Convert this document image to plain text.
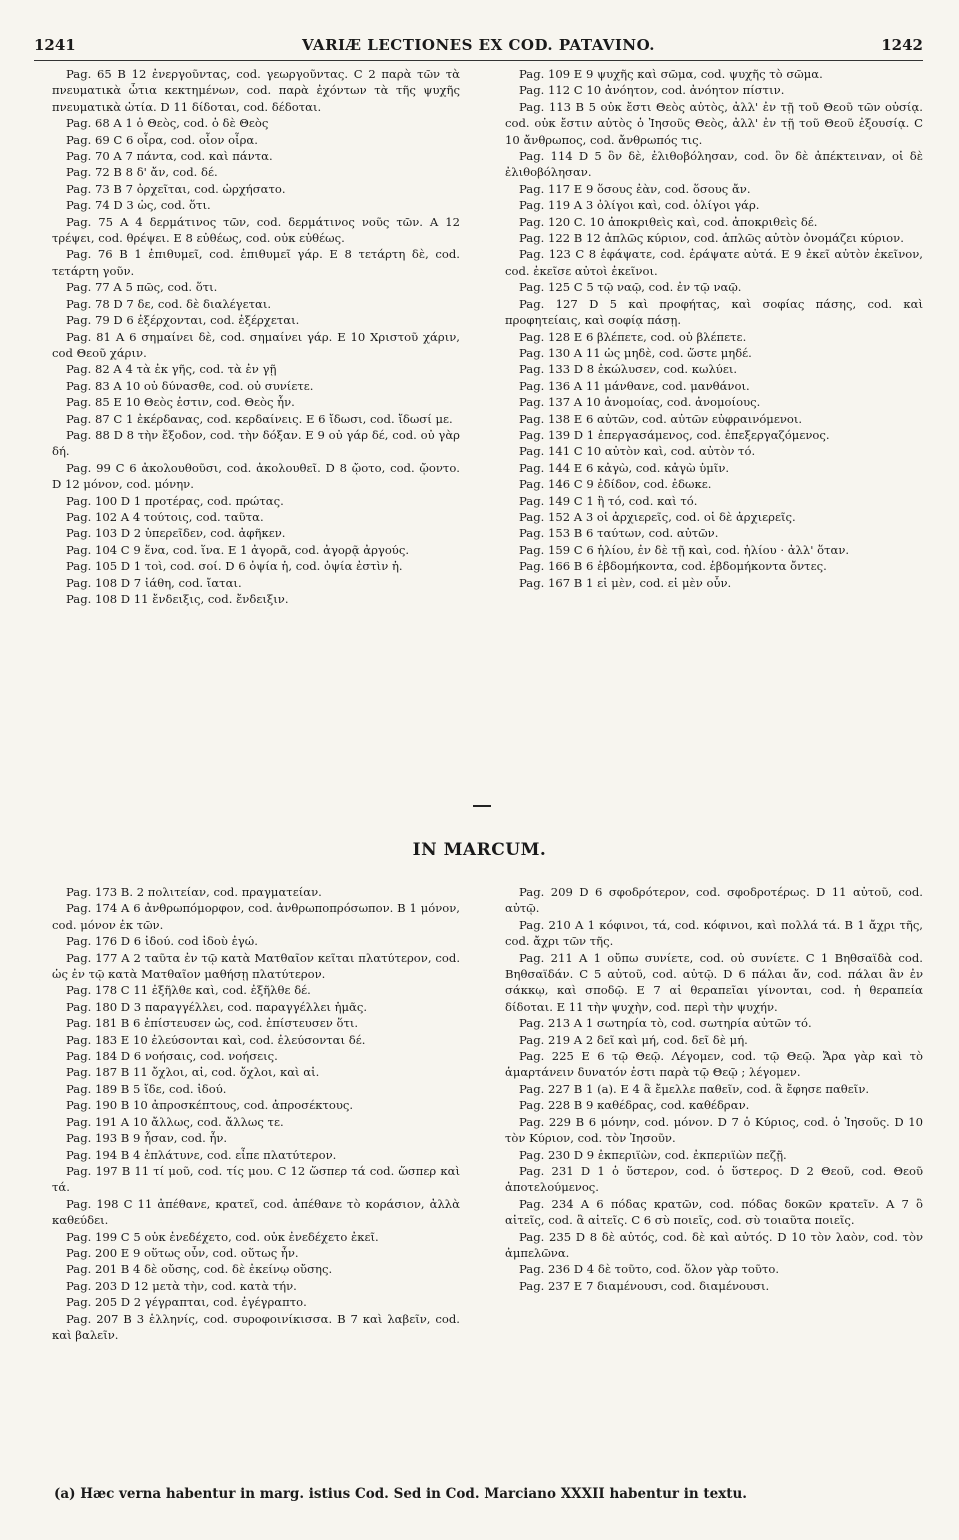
1241	VARIÆ LECTIONES EX COD. PATAVINO.	1242

Pag. 65 B 12 ἐνεργοῦντας, cod. γεωργοῦντας. C 2 παρὰ τῶν τὰ πνευματικὰ ὦτια κεκτημένων, cod. παρὰ ἐχόντων τὰ τῆς ψυχῆς πνευματικὰ ὠτία. D 11 δίδοται, cod. δέδοται.

Pag. 68 A 1 ὁ Θεὸς, cod. ὁ δὲ Θεὸς

Pag. 69 C 6 οἶρα, cod. οἶον οἶρα.

Pag. 70 A 7 πάντα, cod. καὶ πάντα.

Pag. 72 B 8 δ' ἄν, cod. δέ.

Pag. 73 B 7 ὀρχεῖται, cod. ὠρχήσατο.

Pag. 74 D 3 ὡς, cod. ὅτι.

Pag. 75 A 4 δερμάτινος τῶν, cod. δερμάτινος νοῦς τῶν. A 12 τρέψει, cod. θρέψει. E 8 εὐθέως, cod. οὐκ εὐθέως.

Pag. 76 B 1 ἐπιθυμεῖ, cod. ἐπιθυμεῖ γάρ. E 8 τετάρτη δὲ, cod. τετάρτη γοῦν.

Pag. 77 A 5 πῶς, cod. ὅτι.

Pag. 78 D 7 δε, cod. δὲ διαλέγεται.

Pag. 79 D 6 ἐξέρχονται, cod. ἐξέρχεται.

Pag. 81 A 6 σημαίνει δὲ, cod. σημαίνει γάρ. E 10 Χριστοῦ χάριν, cod Θεοῦ χάριν.

Pag. 82 A 4 τὰ ἐκ γῆς, cod. τὰ ἐν γῇ

Pag. 83 A 10 οὐ δύνασθε, cod. οὐ συνίετε.

Pag. 85 E 10 Θεὸς ἐστιν, cod. Θεὸς ἦν.

Pag. 87 C 1 ἐκέρδανας, cod. κερδαίνεις. E 6 ἴδωσι, cod. ἴδωσί με.

Pag. 88 D 8 τὴν ἔξοδον, cod. τὴν δόξαν. E 9 οὐ γάρ δέ, cod. οὐ γὰρ δή.

Pag. 99 C 6 ἀκολουθοῦσι, cod. ἀκολουθεῖ. D 8 ᾤοτο, cod. ᾤοντο. D 12 μόνον, cod. μόνην.

Pag. 100 D 1 προτέρας, cod. πρώτας.

Pag. 102 A 4 τούτοις, cod. ταῦτα.

Pag. 103 D 2 ὑπερεῖδεν, cod. ἀφῆκεν.

Pag. 104 C 9 ἕνα, cod. ἵνα. E 1 ἀγορᾶ, cod. ἀγορᾷ ἀργούς.

Pag. 105 D 1 τοὶ, cod. σοί. D 6 ὀψία ἡ, cod. ὀψία ἐστὶν ἡ.

Pag. 108 D 7 ἰάθη, cod. ἴαται.

Pag. 108 D 11 ἔνδειξις, cod. ἔνδειξιν.

Pag. 109 E 9 ψυχῆς καὶ σῶμα, cod. ψυχῆς τὸ σῶμα.

Pag. 112 C 10 ἀνόητον, cod. ἀνόητον πίστιν.

Pag. 113 B 5 οὐκ ἔστι Θεὸς αὐτὸς, ἀλλ' ἐν τῇ τοῦ Θεοῦ τῶν οὐσίᾳ. cod. οὐκ ἔστιν αὐτὸς ὁ Ἰησοῦς Θεὸς, ἀλλ' ἐν τῇ τοῦ Θεοῦ ἐξουσίᾳ. C 10 ἄνθρωπος, cod. ἄνθρωπός τις.

Pag. 114 D 5 ὃν δὲ, ἐλιθοβόλησαν, cod. ὃν δὲ ἀπέκτειναν, οἱ δὲ ἐλιθοβόλησαν.

Pag. 117 E 9 ὅσους ἐὰν, cod. ὅσους ἄν.

Pag. 119 A 3 ὀλίγοι καὶ, cod. ὀλίγοι γάρ.

Pag. 120 C. 10 ἀποκριθεὶς καὶ, cod. ἀποκριθεὶς δέ.

Pag. 122 B 12 ἁπλῶς κύριον, cod. ἁπλῶς αὐτὸν ὀνομάζει κύριον.

Pag. 123 C 8 ἐφάψατε, cod. ἐράψατε αὐτά. E 9 ἐκεῖ αὐτὸν ἐκεῖνον, cod. ἐκεῖσε αὐτοὶ ἐκεῖνοι.

Pag. 125 C 5 τῷ ναῷ, cod. ἐν τῷ ναῷ.

Pag. 127 D 5 καὶ προφήτας, καὶ σοφίας πάσης, cod. καὶ προφητείαις, καὶ σοφίᾳ πάσῃ.

Pag. 128 E 6 βλέπετε, cod. οὐ βλέπετε.

Pag. 130 A 11 ὡς μηδὲ, cod. ὥστε μηδέ.

Pag. 133 D 8 ἐκώλυσεν, cod. κωλύει.

Pag. 136 A 11 μάνθανε, cod. μανθάνοι.

Pag. 137 A 10 ἀνομοίας, cod. ἀνομοίους.

Pag. 138 E 6 αὐτῶν, cod. αὐτῶν εὐφραινόμενοι.

Pag. 139 D 1 ἐπεργασάμενος, cod. ἐπεξεργαζόμενος.

Pag. 141 C 10 αὐτὸν καὶ, cod. αὐτὸν τό.

Pag. 144 E 6 κἀγὼ, cod. κἀγὼ ὑμῖν.

Pag. 146 C 9 ἐδίδον, cod. ἐδωκε.

Pag. 149 C 1 ἢ τό, cod. καὶ τό.

Pag. 152 A 3 οἱ ἀρχιερεῖς, cod. οἱ δὲ ἀρχιερεῖς.

Pag. 153 B 6 ταύτων, cod. αὐτῶν.

Pag. 159 C 6 ἡλίου, ἐν δὲ τῇ καὶ, cod. ἡλίου · ἀλλ' ὅταν.

Pag. 166 B 6 ἑβδομήκοντα, cod. ἑβδομήκοντα ὄντες.

Pag. 167 B 1 εἰ μὲν, cod. εἰ μὲν οὖν.

IN MARCUM.

Pag. 173 B. 2 πολιτείαν, cod. πραγματείαν.

Pag. 174 A 6 ἀνθρωπόμορφον, cod. ἀνθρωποπρόσωπον. B 1 μόνον, cod. μόνον ἐκ τῶν.

Pag. 176 D 6 ἰδού. cod ἰδοὺ ἐγώ.

Pag. 177 A 2 ταῦτα ἐν τῷ κατὰ Ματθαῖον κεῖται πλατύτερον, cod. ὡς ἐν τῷ κατὰ Ματθαῖον μαθήσῃ πλατύτερον.

Pag. 178 C 11 ἐξῆλθε καὶ, cod. ἐξῆλθε δέ.

Pag. 180 D 3 παραγγέλλει, cod. παραγγέλλει ἡμᾶς.

Pag. 181 B 6 ἐπίστευσεν ὡς, cod. ἐπίστευσεν ὅτι.

Pag. 183 E 10 ἐλεύσονται καὶ, cod. ἐλεύσονται δέ.

Pag. 184 D 6 νοήσαις, cod. νοήσεις.

Pag. 187 B 11 ὄχλοι, αἱ, cod. ὄχλοι, καὶ αἱ.

Pag. 189 B 5 ἴδε, cod. ἰδού.

Pag. 190 B 10 ἀπροσκέπτους, cod. ἀπροσέκτους.

Pag. 191 A 10 ἄλλως, cod. ἄλλως τε.

Pag. 193 B 9 ἦσαν, cod. ἦν.

Pag. 194 B 4 ἐπλάτυνε, cod. εἶπε πλατύτερον.

Pag. 197 B 11 τί μοῦ, cod. τίς μου. C 12 ὥσπερ τά cod. ὥσπερ καὶ τά.

Pag. 198 C 11 ἀπέθανε, κρατεῖ, cod. ἀπέθανε τὸ κοράσιον, ἀλλὰ καθεύδει.

Pag. 199 C 5 οὐκ ἐνεδέχετο, cod. οὐκ ἐνεδέχετο ἐκεῖ.

Pag. 200 E 9 οὕτως οὖν, cod. οὕτως ἦν.

Pag. 201 B 4 δὲ οὔσης, cod. δὲ ἐκείνῳ οὔσης.

Pag. 203 D 12 μετὰ τὴν, cod. κατὰ τήν.

Pag. 205 D 2 γέγραπται, cod. ἐγέγραπτο.

Pag. 207 B 3 ἑλληνίς, cod. συροφοινίκισσα. B 7 καὶ λαβεῖν, cod. καὶ βαλεῖν.

Pag. 209 D 6 σφοδρότερον, cod. σφοδροτέρως. D 11 αὐτοῦ, cod. αὐτῷ.

Pag. 210 A 1 κόφινοι, τά, cod. κόφινοι, καὶ πολλά τά. B 1 ἄχρι τῆς, cod. ἄχρι τῶν τῆς.

Pag. 211 A 1 οὔπω συνίετε, cod. οὐ συνίετε. C 1 Βηθσαϊδὰ cod. Βηθσαϊδάν. C 5 αὐτοῦ, cod. αὐτῷ. D 6 πάλαι ἄν, cod. πάλαι ἂν ἐν σάκκῳ, καὶ σποδῷ. E 7 αἱ θεραπεῖαι γίνονται, cod. ἡ θεραπεία δίδοται. E 11 τὴν ψυχὴν, cod. περὶ τὴν ψυχήν.

Pag. 213 A 1 σωτηρία τὸ, cod. σωτηρία αὐτῶν τό.

Pag. 219 A 2 δεῖ καὶ μή, cod. δεῖ δὲ μή.

Pag. 225 E 6 τῷ Θεῷ. Λέγομεν, cod. τῷ Θεῷ. Ἄρα γὰρ καὶ τὸ ἁμαρτάνειν δυνατόν ἐστι παρὰ τῷ Θεῷ ; λέγομεν.

Pag. 227 B 1 (a). E 4 ἃ ἔμελλε παθεῖν, cod. ἃ ἔφησε παθεῖν.

Pag. 228 B 9 καθέδρας, cod. καθέδραν.

Pag. 229 B 6 μόνην, cod. μόνον. D 7 ὁ Κύριος, cod. ὁ Ἰησοῦς. D 10 τὸν Κύριον, cod. τὸν Ἰησοῦν.

Pag. 230 D 9 ἐκπεριϊὼν, cod. ἐκπεριϊὼν πεζῇ.

Pag. 231 D 1 ὁ ὕστερον, cod. ὁ ὕστερος. D 2 Θεοῦ, cod. Θεοῦ ἀποτελούμενος.

Pag. 234 A 6 πόδας κρατῶν, cod. πόδας δοκῶν κρατεῖν. A 7 ὃ αἰτεῖς, cod. ἃ αἰτεῖς. C 6 σὺ ποιεῖς, cod. σὺ τοιαῦτα ποιεῖς.

Pag. 235 D 8 δὲ αὐτός, cod. δὲ καὶ αὐτός. D 10 τὸν λαὸν, cod. τὸν ἀμπελῶνα.

Pag. 236 D 4 δὲ τοῦτο, cod. ὅλον γὰρ τοῦτο.

Pag. 237 E 7 διαμένουσι, cod. διαμένουσι.

(a) Hæc verna habentur in marg. istius Cod. Sed in Cod. Marciano XXXII habentur in textu.
